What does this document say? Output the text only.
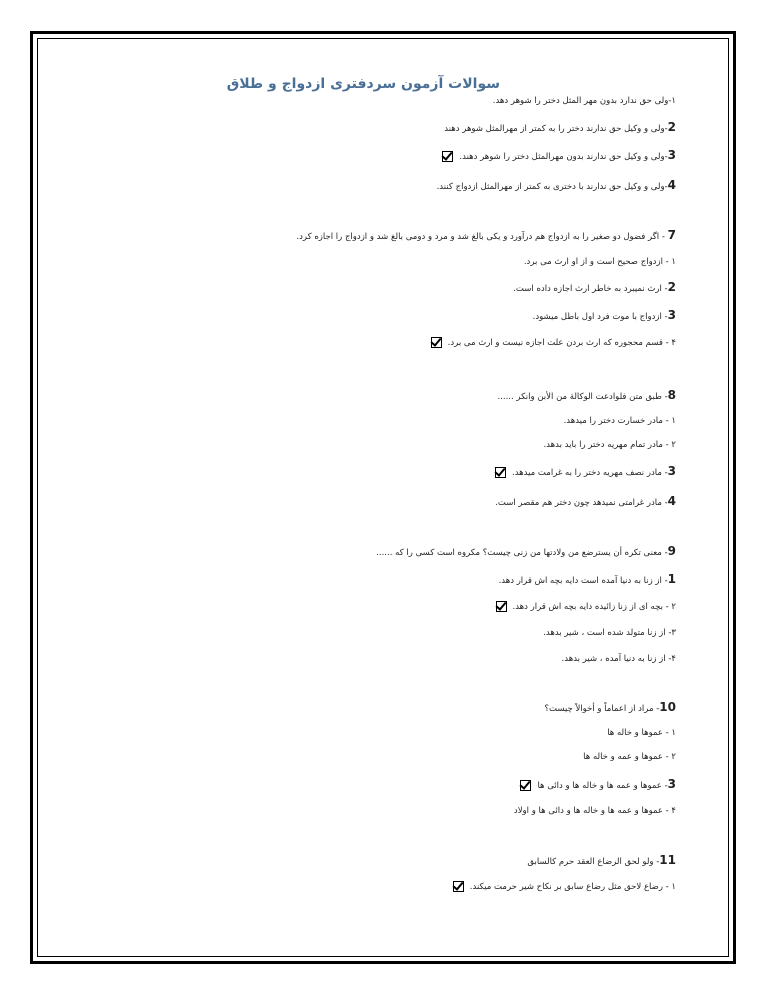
سوالات آزمون سردفتری ازدواج و طلاق
۱-ولی حق ندارد بدون مهر المثل دختر را شوهر دهد.
2-ولی و وکیل حق ندارند دختر را به کمتر از مهرالمثل شوهر دهند
3-ولی و وکیل حق ندارند بدون مهرالمثل دختر را شوهر دهند.
4-ولی و وکیل حق ندارند با دختری به کمتر از مهرالمثل ازدواج کنند.
7 - اگر فضول دو صغیر را به ازدواج هم درآورد و یکی بالغ شد و مرد و دومی بالغ شد و ازدواج را اجازه کرد.
۱ - ازدواج صحیح است و از او ارث می برد.
2- ارث نمیبرد به خاطر ارث اجازه داده است.
3- ازدواج با موت فرد اول باطل میشود.
۴ - قسم محجوره که ارث بردن علت اجازه نیست و ارث می برد.
8- طبق متن فلوادعت الوکالة من الأبن وانکر ......
۱ - مادر خسارت دختر را میدهد.
۲ - مادر تمام مهریه دختر را باید بدهد.
3- مادر نصف مهریه دختر را به غرامت میدهد.
4- مادر غرامتی نمیدهد چون دختر هم مقصر است.
9- معنی تکره أن یسترضع من ولادتها من زنی چیست؟ مکروه است کسی را که ......
1- از زنا به دنیا آمده است دایه بچه اش قرار دهد.
۲ - بچه ای از زنا زائیده دایه بچه اش قرار دهد.
۳- از زنا متولد شده است ، شیر بدهد.
۴- از زنا به دنیا آمده ، شیر بدهد.
10- مراد از اعماماً و أخوالاً چیست؟
۱ - عموها و خاله ها
۲ - عموها و عمه و خاله ها
3- عموها و عمه ها و خاله ها و دائی ها
۴ - عموها و عمه ها و خاله ها و دائی ها و اولاد
11- ولو لحق الرضاع العقد حرم کالسابق
۱ - رضاع لاحق مثل رضاع سابق بر نکاح شیر حرمت میکند.
